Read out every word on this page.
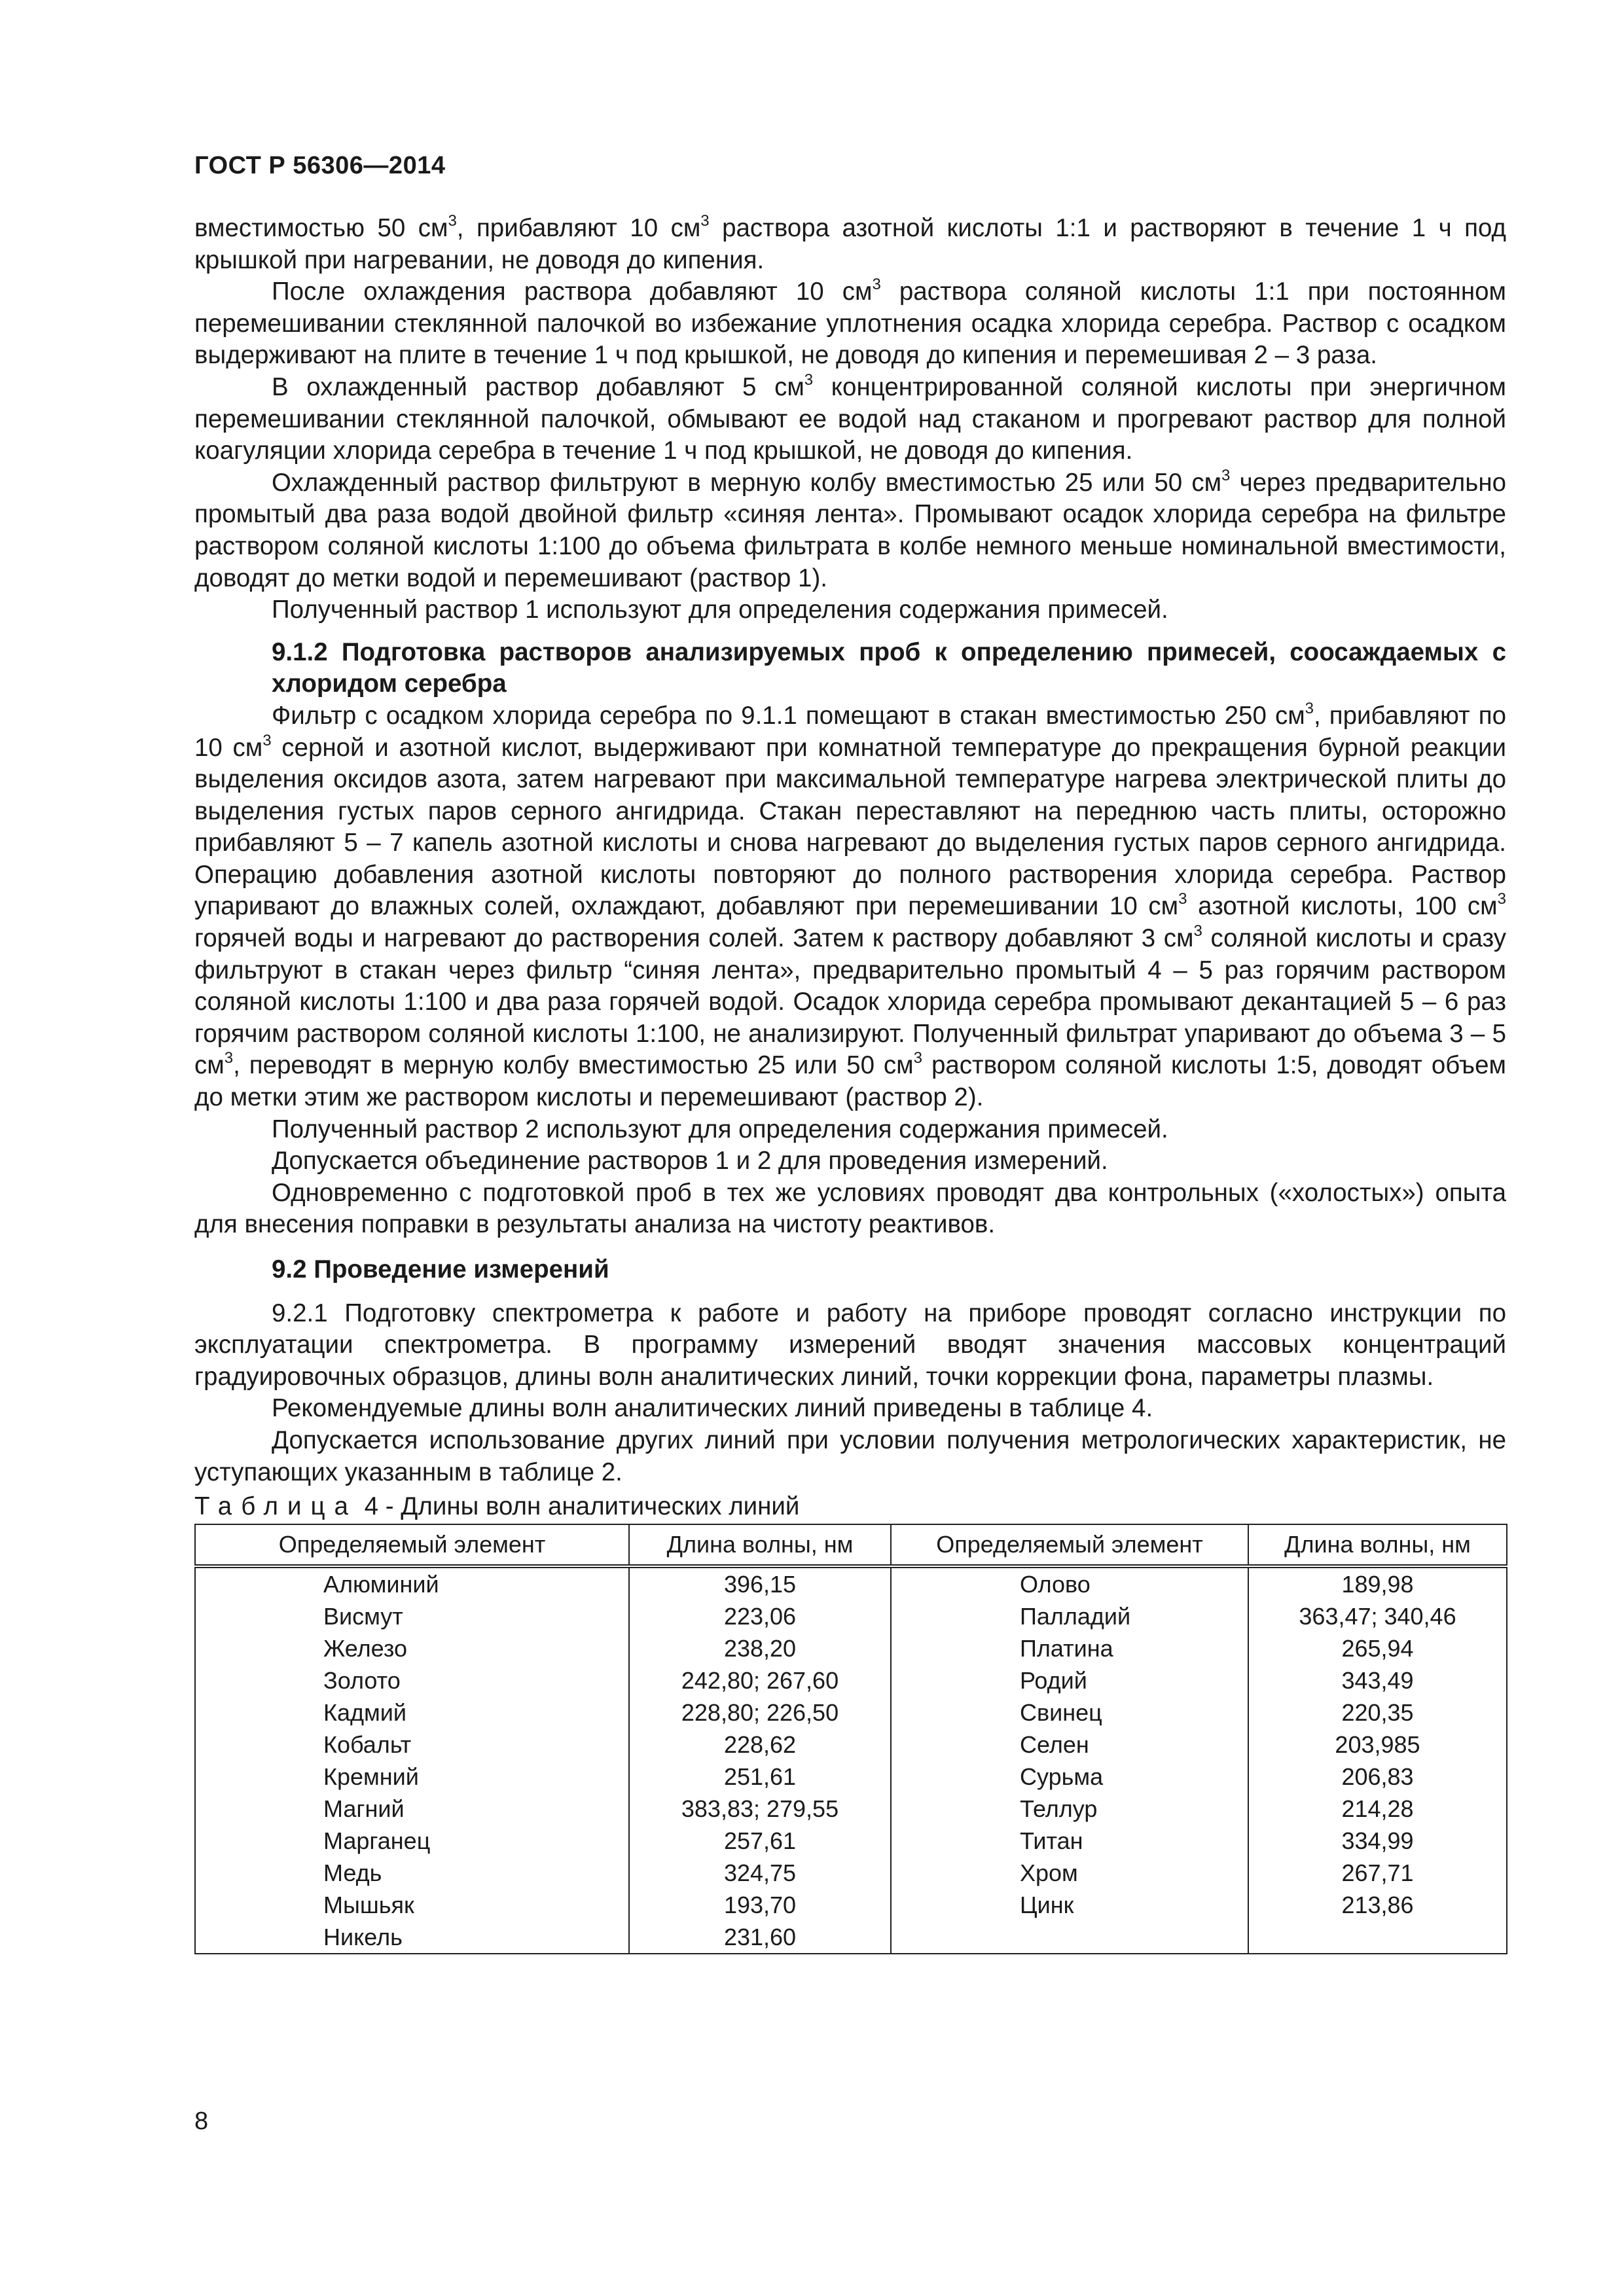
ГОСТ Р 56306—2014

вместимостью 50 $см^3$, прибавляют 10 $см^3$ раствора азотной кислоты 1:1 и растворяют в течение 1 ч под крышкой при нагревании, не доводя до кипения.

После охлаждения раствора добавляют 10 $см^3$ раствора соляной кислоты 1:1 при постоянном перемешивании стеклянной палочкой во избежание уплотнения осадка хлорида серебра. Раствор с осадком выдерживают на плите в течение 1 ч под крышкой, не доводя до кипения и перемешивая 2 – 3 раза.

В охлажденный раствор добавляют 5 $см^3$ концентрированной соляной кислоты при энергичном перемешивании стеклянной палочкой, обмывают ее водой над стаканом и прогревают раствор для полной коагуляции хлорида серебра в течение 1 ч под крышкой, не доводя до кипения.

Охлажденный раствор фильтруют в мерную колбу вместимостью 25 или 50 $см^3$ через предварительно промытый два раза водой двойной фильтр «синяя лента». Промывают осадок хлорида серебра на фильтре раствором соляной кислоты 1:100 до объема фильтрата в колбе немного меньше номинальной вместимости, доводят до метки водой и перемешивают (раствор 1).

Полученный раствор 1 используют для определения содержания примесей.

9.1.2 Подготовка растворов анализируемых проб к определению примесей, соосаждаемых с хлоридом серебра

Фильтр с осадком хлорида серебра по 9.1.1 помещают в стакан вместимостью 250 $см^3$, прибавляют по 10 $см^3$ серной и азотной кислот, выдерживают при комнатной температуре до прекращения бурной реакции выделения оксидов азота, затем нагревают при максимальной температуре нагрева электрической плиты до выделения густых паров серного ангидрида. Стакан переставляют на переднюю часть плиты, осторожно прибавляют 5 – 7 капель азотной кислоты и снова нагревают до выделения густых паров серного ангидрида. Операцию добавления азотной кислоты повторяют до полного растворения хлорида серебра. Раствор упаривают до влажных солей, охлаждают, добавляют при перемешивании 10 $см^3$ азотной кислоты, 100 $см^3$ горячей воды и нагревают до растворения солей. Затем к раствору добавляют 3 $см^3$ соляной кислоты и сразу фильтруют в стакан через фильтр “синяя лента», предварительно промытый 4 – 5 раз горячим раствором соляной кислоты 1:100 и два раза горячей водой. Осадок хлорида серебра промывают декантацией 5 – 6 раз горячим раствором соляной кислоты 1:100, не анализируют. Полученный фильтрат упаривают до объема 3 – 5 $см^3$, переводят в мерную колбу вместимостью 25 или 50 $см^3$ раствором соляной кислоты 1:5, доводят объем до метки этим же раствором кислоты и перемешивают (раствор 2).

Полученный раствор 2 используют для определения содержания примесей.

Допускается объединение растворов 1 и 2 для проведения измерений.

Одновременно с подготовкой проб в тех же условиях проводят два контрольных («холостых») опыта для внесения поправки в результаты анализа на чистоту реактивов.

9.2 Проведение измерений

9.2.1 Подготовку спектрометра к работе и работу на приборе проводят согласно инструкции по эксплуатации спектрометра. В программу измерений вводят значения массовых концентраций градуировочных образцов, длины волн аналитических линий, точки коррекции фона, параметры плазмы.

Рекомендуемые длины волн аналитических линий приведены в таблице 4.

Допускается использование других линий при условии получения метрологических характеристик, не уступающих указанным в таблице 2.

Таблица 4 - Длины волн аналитических линий
Определяемый элемент	Длина волны, нм	Определяемый элемент	Длина волны, нм
Алюминий	396,15	Олово	189,98
Висмут	223,06	Палладий	363,47; 340,46
Железо	238,20	Платина	265,94
Золото	242,80; 267,60	Родий	343,49
Кадмий	228,80; 226,50	Свинец	220,35
Кобальт	228,62	Селен	203,985
Кремний	251,61	Сурьма	206,83
Магний	383,83; 279,55	Теллур	214,28
Марганец	257,61	Титан	334,99
Медь	324,75	Хром	267,71
Мышьяк	193,70	Цинк	213,86
Никель	231,60		
8
